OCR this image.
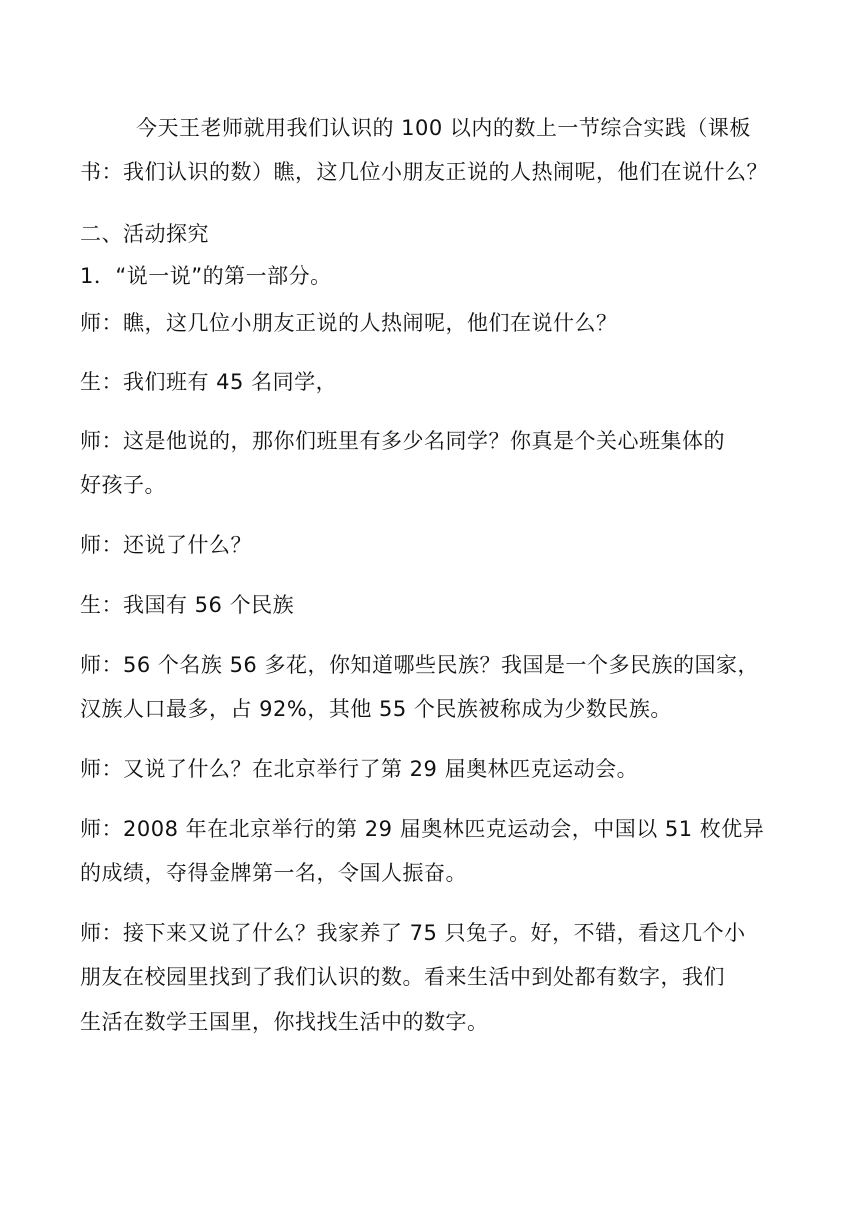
今天王老师就用我们认识的 100 以内的数上一节综合实践（课板
书：我们认识的数）瞧，这几位小朋友正说的人热闹呢，他们在说什么？
二、活动探究
1．“说一说”的第一部分。
师：瞧，这几位小朋友正说的人热闹呢，他们在说什么？
生：我们班有 45 名同学，
师：这是他说的，那你们班里有多少名同学？你真是个关心班集体的
好孩子。
师：还说了什么？
生：我国有 56 个民族
师：56 个名族 56 多花，你知道哪些民族？我国是一个多民族的国家，
汉族人口最多，占 92%，其他 55 个民族被称成为少数民族。
师：又说了什么？在北京举行了第 29 届奥林匹克运动会。
师：2008 年在北京举行的第 29 届奥林匹克运动会，中国以 51 枚优异
的成绩，夺得金牌第一名，令国人振奋。
师：接下来又说了什么？我家养了 75 只兔子。好，不错，看这几个小
朋友在校园里找到了我们认识的数。看来生活中到处都有数字，我们
生活在数学王国里，你找找生活中的数字。
